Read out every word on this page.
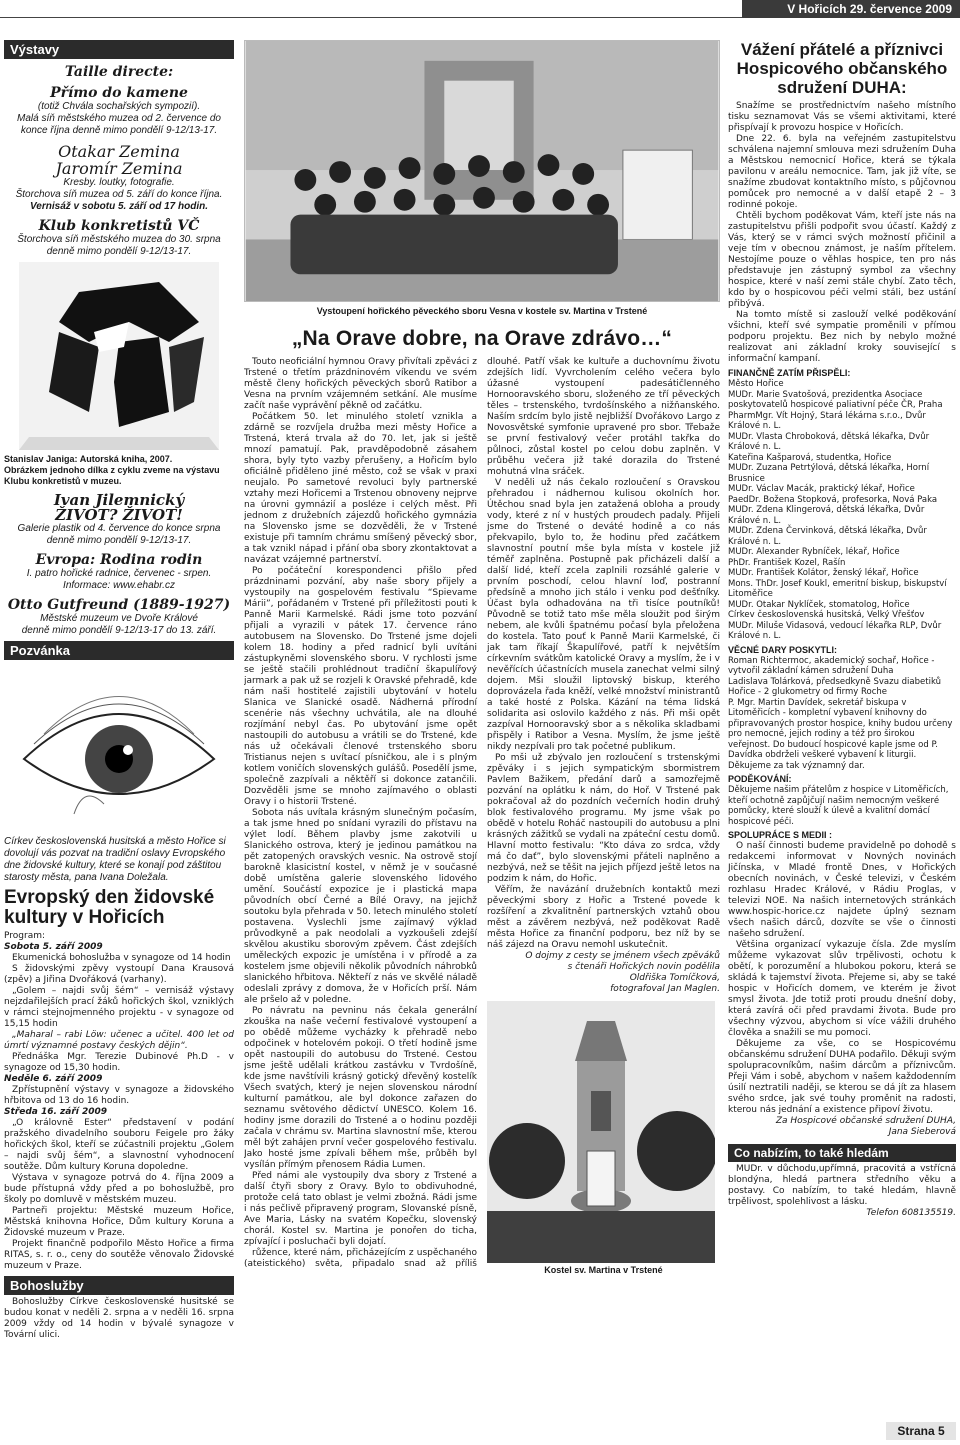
V Hořicích 29. července 2009
Výstavy
Taille directe:
Přímo do kamene
(totiž Chvála sochařských sympozií).
Malá síň městského muzea od 2. července do
konce října denně mimo pondělí 9-12/13-17.
Otakar Zemina
Jaromír Zemina
Kresby. loutky, fotografie.
Štorchova síň muzea od 5. září do konce října.
Vernisáž v sobotu 5. září od 17 hodin.
Klub konkretistů VČ
Štorchova síň městského muzea do 30. srpna
denně mimo pondělí 9-12/13-17.
Stanislav Janiga: Autorská kniha, 2007.
Obrázkem jednoho dílka z cyklu zveme na výstavu Klubu konkretistů v muzeu.
Ivan Jilemnický
ŽIVOT? ŽIVOT!
Galerie plastik od 4. července do konce srpna
denně mimo pondělí 9-12/13-17.
Evropa: Rodina rodin
I. patro hořické radnice, červenec - srpen.
Informace: www.ehabr.cz
Otto Gutfreund (1889-1927)
Městské muzeum ve Dvoře Králové
denně mimo pondělí 9-12/13-17 do 13. září.
Pozvánka
Církev československá husitská a město Hořice si dovolují vás pozvat na tradiční oslavy Evropského dne židovské kultury, které se konají pod záštitou starosty města, pana Ivana Doležala.
Evropský den židovské kultury v Hořicích

Program:

Sobota 5. září 2009

Ekumenická bohoslužba v synagoze od 14 hodin

S židovskými zpěvy vystoupí Dana Krausová (zpěv) a Jiřina Dvořáková (varhany).

„Golem – najdi svůj šém“ – vernisáž výstavy nejzdařilejších prací žáků hořických škol, vzniklých v rámci stejnojmenného projektu - v synagoze od 15,15 hodin

„Maharal – rabi Löw: učenec a učitel. 400 let od úmrtí významné postavy českých dějin“.

Přednáška Mgr. Terezie Dubinové Ph.D - v synagoze od 15,30 hodin.

Neděle 6. září 2009

Zpřístupnění výstavy v synagoze a židovského hřbitova od 13 do 16 hodin.

Středa 16. září 2009

„O královně Ester“ představení v podání pražského divadelního souboru Feigele pro žáky hořických škol, kteří se zúčastnili projektu „Golem – najdi svůj šém“, a slavnostní vyhodnocení soutěže. Dům kultury Koruna dopoledne.

Výstava v synagoze potrvá do 4. října 2009 a bude přístupná vždy před a po bohoslužbě, pro školy po domluvě v městském muzeu.

Partneři projektu: Městské muzeum Hořice, Městská knihovna Hořice, Dům kultury Koruna a Židovské muzeum v Praze.

Projekt finančně podpořilo Město Hořice a firma RITAS, s. r. o., ceny do soutěže věnovalo Židovské muzeum v Praze.

Bohoslužby

Bohoslužby Církve československé husitské se budou konat v neděli 2. srpna a v neděli 16. srpna 2009 vždy od 14 hodin v bývalé synagoze v Tovární ulici.

Vystoupení hořického pěveckého sboru Vesna v kostele sv. Martina v Trstené
„Na Orave dobre, na Orave zdrávo…“

Touto neoficiální hymnou Oravy přivítali zpěváci z Trstené o třetím prázdninovém víkendu ve svém městě členy hořických pěveckých sborů Ratibor a Vesna na prvním vzájemném setkání. Ale musíme začít naše vyprávění pěkně od začátku.

Počátkem 50. let minulého století vznikla a zdárně se rozvíjela družba mezi městy Hořice a Trstená, která trvala až do 70. let, jak si ještě mnozí pamatují. Pak, pravděpodobně zásahem shora, byly tyto vazby přerušeny, a Hořicím bylo oficiálně přiděleno jiné město, což se však v praxi neujalo. Po sametové revoluci byly partnerské vztahy mezi Hořicemi a Trstenou obnoveny nejprve na úrovni gymnázií a posléze i celých měst. Při jednom z družebních zájezdů hořického gymnázia na Slovensko jsme se dozvěděli, že v Trstené existuje při tamním chrámu smíšený pěvecký sbor, a tak vznikl nápad i přání oba sbory zkontaktovat a navázat vzájemné partnerství.

Po počáteční korespondenci přišlo před prázdninami pozvání, aby naše sbory přijely a vystoupily na gospelovém festivalu “Spievame Márii”, pořádaném v Trstené při příležitosti pouti k Panně Marii Karmelské. Rádi jsme toto pozvání přijali a vyrazili v pátek 17. července ráno autobusem na Slovensko. Do Trstené jsme dojeli kolem 18. hodiny a před radnicí byli uvítáni zástupkyněmi slovenského sboru. V rychlosti jsme se ještě stačili prohlédnout tradiční škapulířový jarmark a pak už se rozjeli k Oravské přehradě, kde nám naši hostitelé zajistili ubytování v hotelu Slanica ve Slanické osadě. Nádherná přírodní scenérie nás všechny uchvátila, ale na dlouhé rozjímání nebyl čas. Po ubytování jsme opět nastoupili do autobusu a vrátili se do Trstené, kde nás už očekávali členové trstenského sboru Tristianus nejen s uvítací písničkou, ale i s plným kotlem voničích slovenských gulášů. Posedělí jsme, společně zazpívali a něktěří si dokonce zatančili. Dozvěděli jsme se mnoho zajímavého o oblasti Oravy i o historii Trstené.

Sobota nás uvítala krásným slunečným počasím, a tak jsme hned po snídani vyrazili do přístavu na výlet lodí. Během plavby jsme zakotvili u Slanického ostrova, který je jedinou památkou na pět zatopených oravských vesnic. Na ostrově stojí barokně klasicistní kostel, v němž je v současné době umístěna galerie slovenského lidového umění. Součástí expozice je i plastická mapa původních obcí Černé a Bílé Oravy, na jejichž soutoku byla přehrada v 50. letech minulého století postavena. Vyslechli jsme zajímavý výklad průvodkyně a pak neodolali a vyzkoušeli zdejší skvělou akustiku sborovým zpěvem. Část zdejších uměleckých expozic je umístěna i v přírodě a za kostelem jsme objevili několik původních náhrobků slanického hřbitova. Někteří z nás ve skvělé náladě odeslali zprávy z domova, že v Hořicích prší. Nám ale pršelo až v poledne.

Po návratu na pevninu nás čekala generální zkouška na naše večerní festivalové vystoupení a po obědě můžeme vycházky k přehradě nebo odpočinek v hotelovém pokoji. O třetí hodině jsme opět nastoupili do autobusu do Trstené. Cestou jsme ještě udělali krátkou zastávku v Tvrdošíně, kde jsme navštívili krásný gotický dřevěný kostelík Všech svatých, který je nejen slovenskou národní kulturní památkou, ale byl dokonce zařazen do seznamu světového dědictví UNESCO. Kolem 16. hodiny jsme dorazili do Trstené a o hodinu později začala v chrámu sv. Martina slavnostní mše, kterou měl být zahájen první večer gospelového festivalu. Jako hosté jsme zpívali během mše, průběh byl vysílán přímým přenosem Rádia Lumen.

Před námi ale vystoupily dva sbory z Trstené a další čtyři sbory z Oravy. Bylo to obdivuhodné, protože celá tato oblast je velmi zbožná. Rádi jsme i nás pečlivě připravený program, Slovanské písně, Ave Maria, Lásky na svatém Kopečku, slovenský chorál. Kostel sv. Martina je ponořen do ticha, zpívající i posluchači byli dojatí.

růžence, které nám, přicházejícím z uspěchaného (ateistického) světa, připadalo snad až příliš dlouhé. Patří však ke kultuře a duchovnímu životu zdejších lidí. Vyvrcholením celého večera bylo úžasné vystoupení padesátičlenného Hornooravského sboru, složeného ze tří pěveckých těles – trstenského, tvrdošínského a nižňanského. Naším srdcím bylo jistě nejbližší Dvořákovo Largo z Novosvětské symfonie upravené pro sbor. Třebaže se první festivalový večer protáhl takřka do půlnoci, zůstal kostel po celou dobu zaplněn. V průběhu večera již také dorazila do Trstené mohutná vlna sráček.

V neděli už nás čekalo rozloučení s Oravskou přehradou i nádhernou kulisou okolních hor. Útěchou snad byla jen zatažená obloha a proudy vody, které z ní v hustých proudech padaly. Přijeli jsme do Trstené o deváté hodině a co nás překvapilo, bylo to, že hodinu před začátkem slavnostní poutní mše byla místa v kostele již téměř zaplněna. Postupně pak přicházeli další a další lidé, kteří zcela zaplnili rozsáhlé galerie v prvním poschodí, celou hlavní loď, postranní předsíně a mnoho jich stálo i venku pod dešťníky. Účast byla odhadována na tři tisíce poutníků! Původně se totiž tato mše měla sloužit pod širým nebem, ale kvůli špatnému počasí byla přeložena do kostela. Tato pouť k Panně Marii Karmelské, či jak tam říkají Škapulířové, patří k největším církevním svátkům katolické Oravy a myslím, že i v nevěřících účastnících musela zanechat velmi silný dojem. Mši sloužil liptovský biskup, kterého doprovázela řada kněží, velké množství ministrantů a také hosté z Polska. Kázání na téma lidská solidarita asi oslovilo každého z nás. Při mši opět zazpíval Hornooravský sbor a s několika skladbami přispěly i Ratibor a Vesna. Myslím, že jsme ještě nikdy nezpívali pro tak početné publikum.

Po mši už zbývalo jen rozloučení s trstenskými zpěváky i s jejich sympatickým sbormistrem Pavlem Bažikem, předání darů a samozřejmě pozvání na oplátku k nám, do Hoř. V Trstené pak pokračoval až do pozdních večerních hodin druhý blok festivalového programu. My jsme však po obědě v hotelu Roháč nastoupili do autobusu a plni krásných zážitků se vydali na zpáteční cestu domů. Hlavní motto festivalu: “Kto dáva zo srdca, vždy má čo dať”, bylo slovenskými přáteli naplněno a nezbývá, než se těšit na jejich příjezd ještě letos na podzim k nám, do Hořic.

Věřím, že navázání družebních kontaktů mezi pěveckými sbory z Hořic a Trstené povede k rozšíření a zkvalitnění partnerských vztahů obou měst a závěrem nezbývá, než poděkovat Radě města Hořice za finanční podporu, bez níž by se náš zájezd na Oravu nemohl uskutečnit.

O dojmy z cesty se jménem všech zpěváků
s čtenáři Hořických novin podělila
Oldřiška Tomíčková,
fotografoval Jan Maglen.
Kostel sv. Martina v Trstené
Vážení přátelé a příznivci Hospicového občanského sdružení DUHA:

Snažíme se prostřednictvím našeho místního tisku seznamovat Vás se všemi aktivitami, které přispívají k provozu hospice v Hořicích.

Dne 22. 6. byla na veřejném zastupitelstvu schválena najemní smlouva mezi sdružením Duha a Městskou nemocnicí Hořice, která se týkala pavilonu v areálu nemocnice. Tam, jak již víte, se snažíme zbudovat kontaktního místo, s půjčovnou pomůcek pro nemocné a v další etapě 2 – 3 rodinné pokoje.

Chtěli bychom poděkovat Vám, kteří jste nás na zastupitelstvu přišli podpořit svou účastí. Každý z Vás, který se v rámci svých možností přičinil a veje tím v obecnou známost, je naším přítelem. Nestojíme pouze o věhlas hospice, ten pro nás představuje jen zástupný symbol za všechny hospice, které v naší zemi stále chybí. Zato těch, kdo by o hospicovou péči velmi stáli, bez ustání přibývá.

Na tomto místě si zaslouží velké poděkování všichni, kteří své sympatie proměnili v přímou podporu projektu. Bez nich by nebylo možné realizovat ani základní kroky související s informační kampaní.

FINANČNĚ ZATÍM PŘISPĚLI:
Město Hořice
MUDr. Marie Svatošová, prezidentka Asociace poskytovatelů hospicové paliativní péče ČR, Praha
PharmMgr. Vít Hojný, Stará lékárna s.r.o., Dvůr Králové n. L.
MUDr. Vlasta Chroboková, dětská lékařka, Dvůr Králové n. L.
Kateřina Kašparová, studentka, Hořice
MUDr. Zuzana Petrtýlová, dětská lékařka, Horní Brusnice
MUDr. Václav Macák, praktický lékař, Hořice
PaedDr. Božena Stopková, profesorka, Nová Paka
MUDr. Zdena Klingerová, dětská lékařka, Dvůr Králové n. L.
MUDr. Zdena Červinková, dětská lékařka, Dvůr Králové n. L.
MUDr. Alexander Rybníček, lékař, Hořice
PhDr. František Kozel, Rašín
MUDr. František Kolátor, ženský lékař, Hořice
Mons. ThDr. Josef Koukl, emeritní biskup, biskupství Litoměřice
MUDr. Otakar Nyklíček, stomatolog, Hořice
Církev československá husitská, Velký Vřešťov
MUDr. Miluše Vidasová, vedoucí lékařka RLP, Dvůr Králové n. L.
VĚCNÉ DARY POSKYTLI:
Roman Richtermoc, akademický sochař, Hořice - vytvořil základní kámen sdružení Duha
Ladislava Tolárková, předsedkyně Svazu diabetiků Hořice - 2 glukometry od firmy Roche
P. Mgr. Martin Davídek, sekretář biskupa v Litoměřicích - kompletní vybavení knihovny do připravovaných prostor hospice, knihy budou určeny pro nemocné, jejich rodiny a též pro širokou veřejnost. Do budoucí hospicové kaple jsme od P. Davídka obdrželi veškeré vybavení k liturgii. Děkujeme za tak významný dar.
PODĚKOVÁNÍ:
Děkujeme našim přátelům z hospice v Litoměřicích, kteří ochotně zapůjčují našim nemocným veškeré pomůcky, které slouží k úlevě a kvalitní domácí hospicové péči.
SPOLUPRÁCE S MEDII :

O naší činnosti budeme pravidelně po dohodě s redakcemi informovat v Novných novinách Jičínska, v Mladé frontě Dnes, v Hořických obecních novinách, v České televizi, v Českém rozhlasu Hradec Králové, v Rádiu Proglas, v televizi NOE. Na našich internetových stránkách www.hospic-horice.cz najdete úplný seznam všech našich dárců, dozvíte se vše o činnosti našeho sdružení.

Většina organizací vykazuje čísla. Zde myslím můžeme vykazovat slův trpělivosti, ochotu k obětí, k porozumění a hlubokou pokoru, která se skládá k tajemství života. Přejeme si, aby se také hospic v Hořicích domem, ve kterém je život smysl života. Jde totiž proti proudu dnešní doby, která zavírá oči před pravdami života. Bude pro všechny výzvou, abychom si více vážili druhého člověka a snažili se mu pomoci.

Děkujeme za vše, co se Hospicovému občanskému sdružení DUHA podařilo. Děkuji svým spolupracovníkům, našim dárcům a příznivcům. Přeji Vám i sobě, abychom v našem každodenním úsilí neztratili naději, se kterou se dá jít za hlasem svého srdce, jak své touhy proměnit na radosti, kterou nás jednání a existence připoví životu.

Za Hospicové občanské sdružení DUHA,
Jana Sieberová
Co nabízím, to také hledám

MUDr. v důchodu,upřímná, pracovitá a vstřícná blondýna, hledá partnera středního věku a postavy. Co nabízím, to také hledám, hlavně trpělivost, spolehlivost a lásku.

Telefon 608135519.

Strana 5
